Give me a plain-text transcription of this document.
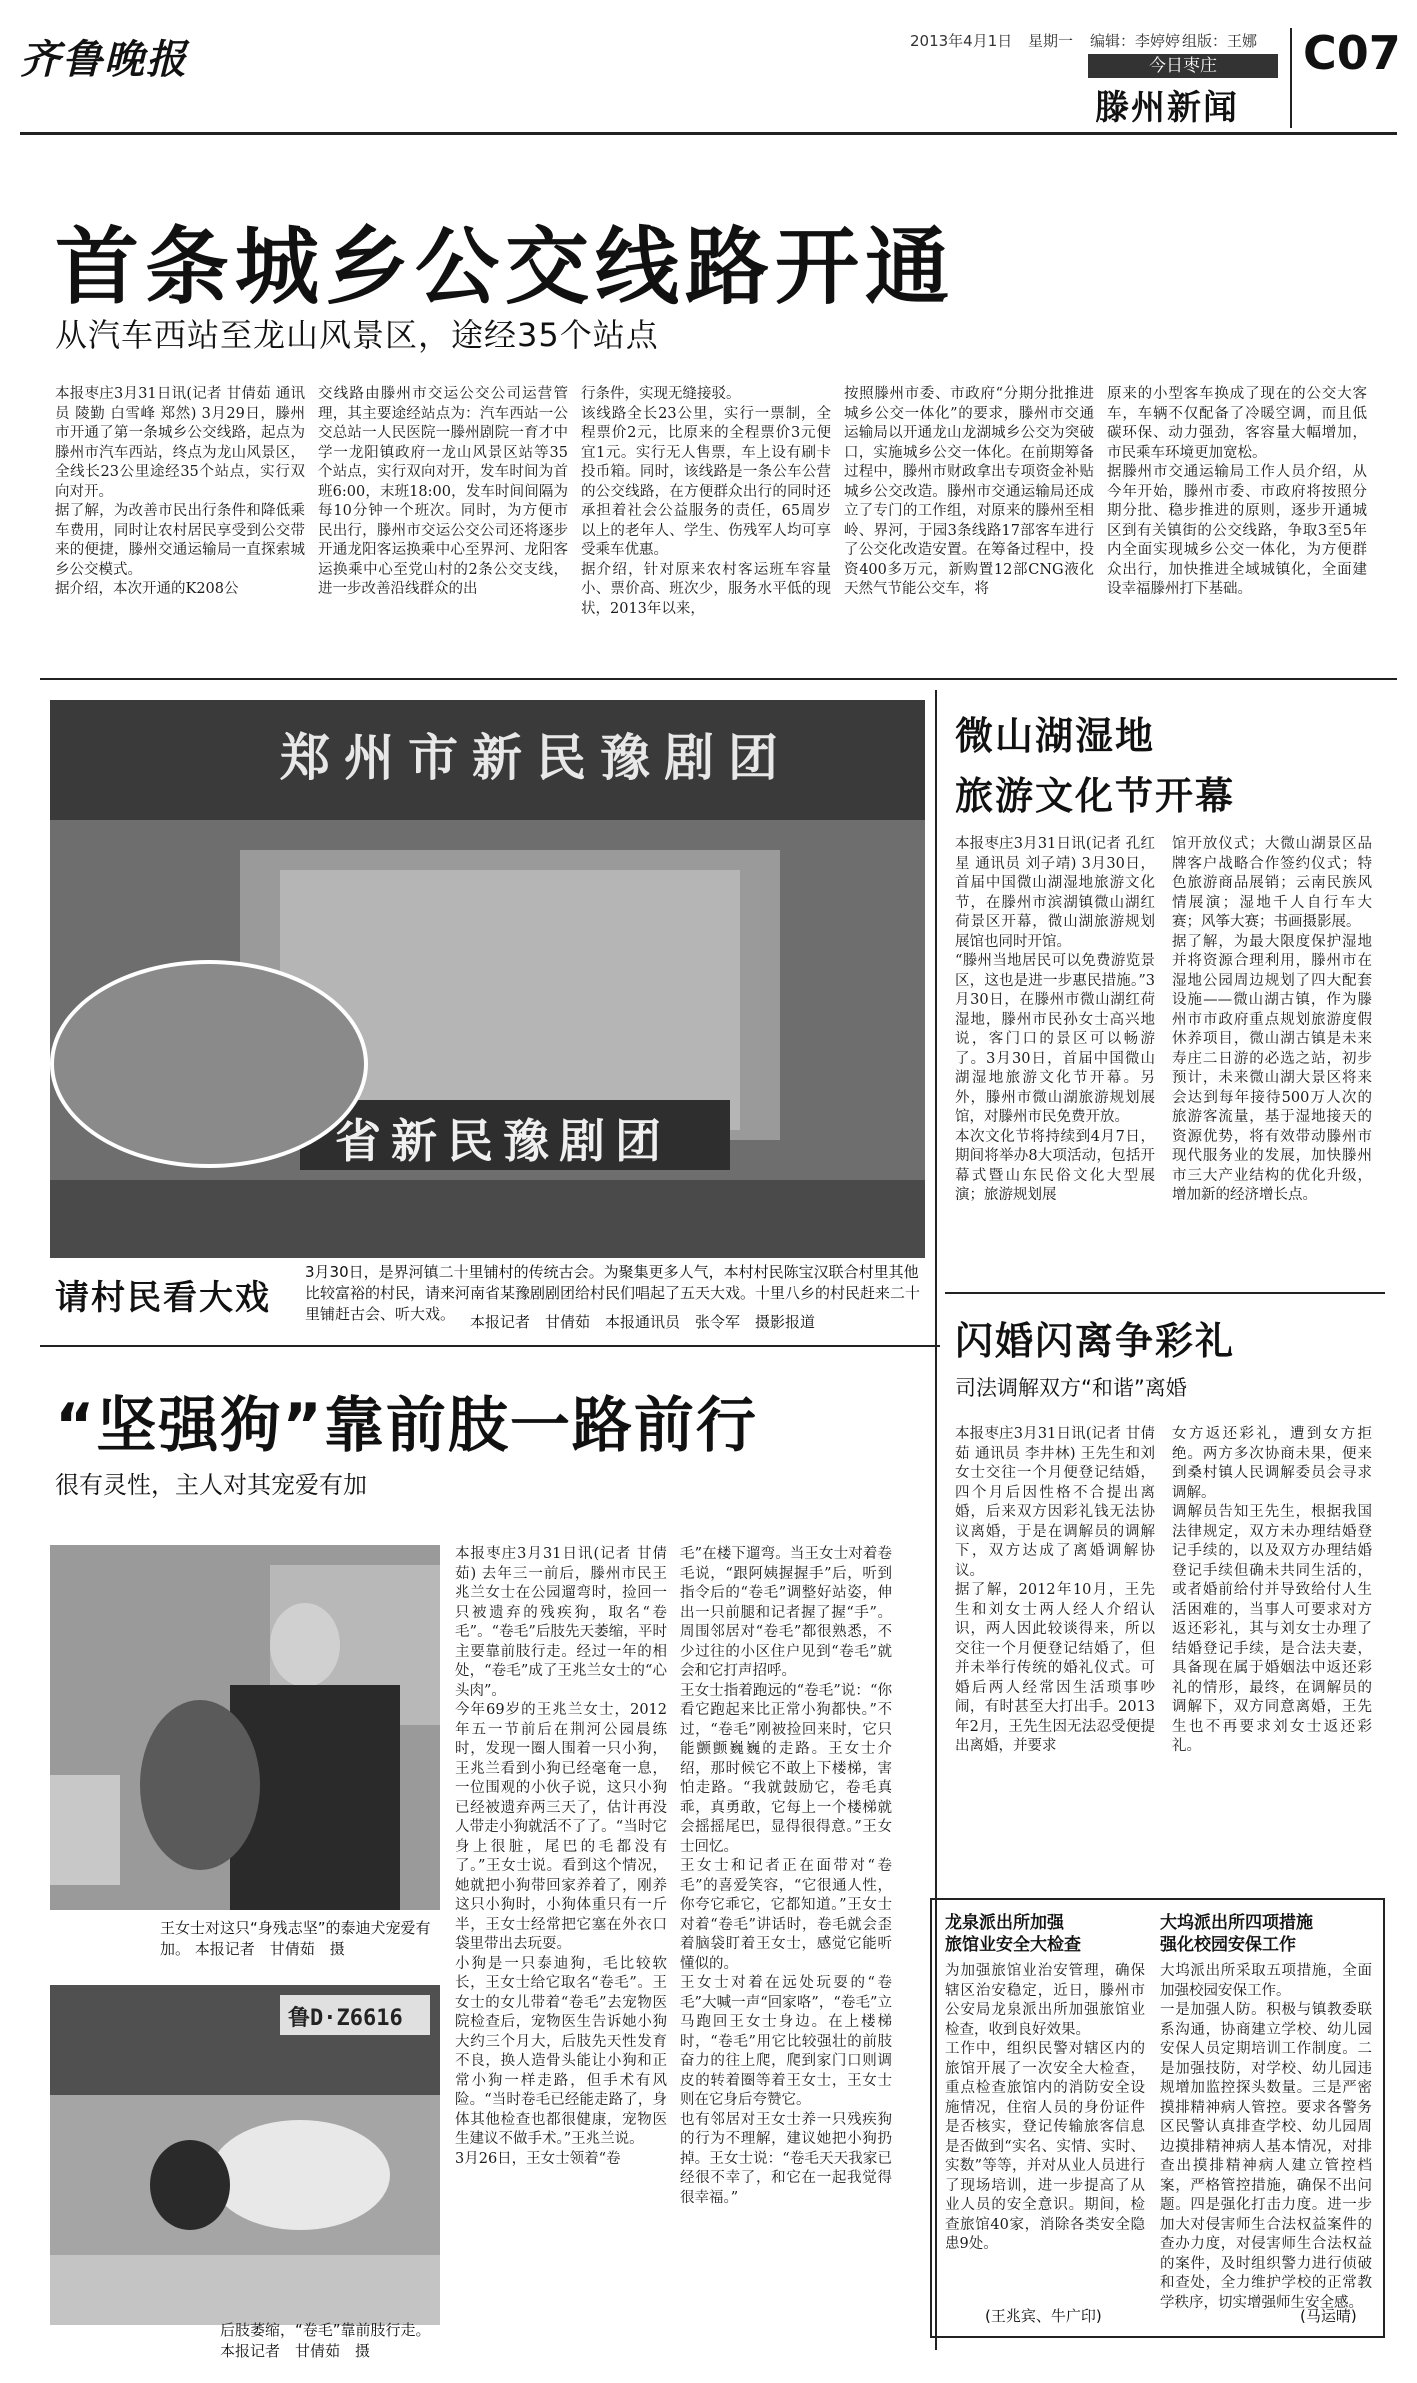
齐鲁晚报	2013年4月1日 星期一 编辑：李婷婷 组版：王娜
今日枣庄
滕州新闻
C07
首条城乡公交线路开通
从汽车西站至龙山风景区，途经35个站点
本报枣庄3月31日讯(记者 甘倩茹 通讯员 陵勤 白雪峰 郑然) 3月29日，滕州市开通了第一条城乡公交线路，起点为滕州市汽车西站，终点为龙山风景区，全线长23公里途经35个站点，实行双向对开。
据了解，为改善市民出行条件和降低乘车费用，同时让农村居民享受到公交带来的便捷，滕州交通运输局一直探索城乡公交模式。
据介绍，本次开通的K208公
交线路由滕州市交运公交公司运营管理，其主要途经站点为：汽车西站一公交总站一人民医院一滕州剧院一育才中学一龙阳镇政府一龙山风景区站等35个站点，实行双向对开，发车时间为首班6:00，末班18:00，发车时间间隔为每10分钟一个班次。同时，为方便市民出行，滕州市交运公交公司还将逐步开通龙阳客运换乘中心至界河、龙阳客运换乘中心至党山村的2条公交支线，进一步改善沿线群众的出
行条件，实现无缝接驳。
该线路全长23公里，实行一票制，全程票价2元，比原来的全程票价3元便宜1元。实行无人售票，车上设有刷卡投币箱。同时，该线路是一条公车公营的公交线路，在方便群众出行的同时还承担着社会公益服务的责任，65周岁以上的老年人、学生、伤残军人均可享受乘车优惠。
据介绍，针对原来农村客运班车容量小、票价高、班次少，服务水平低的现状，2013年以来，
按照滕州市委、市政府“分期分批推进城乡公交一体化”的要求，滕州市交通运输局以开通龙山龙湖城乡公交为突破口，实施城乡公交一体化。在前期筹备过程中，滕州市财政拿出专项资金补贴城乡公交改造。滕州市交通运输局还成立了专门的工作组，对原来的滕州至相岭、界河，于园3条线路17部客车进行了公交化改造安置。在筹备过程中，投资400多万元，新购置12部CNG液化天然气节能公交车，将
原来的小型客车换成了现在的公交大客车，车辆不仅配备了冷暖空调，而且低碳环保、动力强劲，客容量大幅增加，市民乘车环境更加宽松。
据滕州市交通运输局工作人员介绍，从今年开始，滕州市委、市政府将按照分期分批、稳步推进的原则，逐步开通城区到有关镇街的公交线路，争取3至5年内全面实现城乡公交一体化，为方便群众出行，加快推进全域城镇化，全面建设幸福滕州打下基础。
郑州市新民豫剧团
省新民豫剧团
请村民看大戏
3月30日，是界河镇二十里铺村的传统古会。为聚集更多人气，本村村民陈宝汉联合村里其他比较富裕的村民，请来河南省某豫剧剧团给村民们唱起了五天大戏。十里八乡的村民赶来二十里铺赶古会、听大戏。 本报记者　甘倩茹　本报通讯员　张令军　摄影报道
“坚强狗”靠前肢一路前行
很有灵性，主人对其宠爱有加
王女士对这只“身残志坚”的泰迪犬宠爱有加。 本报记者　甘倩茹　摄
鲁D·Z6616
后肢萎缩，“卷毛”靠前肢行走。 本报记者　甘倩茹　摄
本报枣庄3月31日讯(记者 甘倩茹) 去年三一前后，滕州市民王兆兰女士在公园遛弯时，捡回一只被遗弃的残疾狗，取名“卷毛”。“卷毛”后肢先天萎缩，平时主要靠前肢行走。经过一年的相处，“卷毛”成了王兆兰女士的“心头肉”。
今年69岁的王兆兰女士，2012年五一节前后在荆河公园晨练时，发现一圈人围着一只小狗，王兆兰看到小狗已经毫奄一息，一位围观的小伙子说，这只小狗已经被遗弃两三天了，估计再没人带走小狗就活不了了。“当时它身上很脏，尾巴的毛都没有了。”王女士说。看到这个情况，她就把小狗带回家养着了，刚养这只小狗时，小狗体重只有一斤半，王女士经常把它塞在外衣口袋里带出去玩耍。
小狗是一只泰迪狗，毛比较软长，王女士给它取名“卷毛”。王女士的女儿带着“卷毛”去宠物医院检查后，宠物医生告诉她小狗大约三个月大，后肢先天性发育不良，换人造骨头能让小狗和正常小狗一样走路，但手术有风险。“当时卷毛已经能走路了，身体其他检查也都很健康，宠物医生建议不做手术。”王兆兰说。
3月26日，王女士领着“卷
毛”在楼下遛弯。当王女士对着卷毛说，“跟阿姨握握手”后，听到指令后的“卷毛”调整好站姿，伸出一只前腿和记者握了握“手”。周围邻居对“卷毛”都很熟悉，不少过往的小区住户见到“卷毛”就会和它打声招呼。
王女士指着跑远的“卷毛”说：“你看它跑起来比正常小狗都快。”不过，“卷毛”刚被捡回来时，它只能颤颤巍巍的走路。王女士介绍，那时候它不敢上下楼梯，害怕走路。“我就鼓励它，卷毛真乖，真勇敢，它每上一个楼梯就会摇摇尾巴，显得很得意。”王女士回忆。
王女士和记者正在面带对“卷毛”的喜爱笑容，“它很通人性，你夸它乖它，它都知道。”王女士对着“卷毛”讲话时，卷毛就会歪着脑袋盯着王女士，感觉它能听懂似的。
王女士对着在远处玩耍的“卷毛”大喊一声“回家咯”，“卷毛”立马跑回王女士身边。在上楼梯时，“卷毛”用它比较强壮的前肢奋力的往上爬，爬到家门口则调皮的转着圈等着王女士，王女士则在它身后夸赞它。
也有邻居对王女士养一只残疾狗的行为不理解，建议她把小狗扔掉。王女士说：“卷毛天天我家已经很不幸了，和它在一起我觉得很幸福。”
微山湖湿地
旅游文化节开幕
本报枣庄3月31日讯(记者 孔红星 通讯员 刘子靖) 3月30日，首届中国微山湖湿地旅游文化节，在滕州市滨湖镇微山湖红荷景区开幕，微山湖旅游规划展馆也同时开馆。
“滕州当地居民可以免费游览景区，这也是进一步惠民措施。”3月30日，在滕州市微山湖红荷湿地，滕州市民孙女士高兴地说，客门口的景区可以畅游了。3月30日，首届中国微山湖湿地旅游文化节开幕。另外，滕州市微山湖旅游规划展馆，对滕州市民免费开放。
本次文化节将持续到4月7日，期间将举办8大项活动，包括开幕式暨山东民俗文化大型展演；旅游规划展
馆开放仪式；大微山湖景区品牌客户战略合作签约仪式；特色旅游商品展销；云南民族风情展演；湿地千人自行车大赛；风筝大赛；书画摄影展。
据了解，为最大限度保护湿地并将资源合理利用，滕州市在湿地公园周边规划了四大配套设施——微山湖古镇，作为滕州市市政府重点规划旅游度假休养项目，微山湖古镇是未来寿庄二日游的必选之站，初步预计，未来微山湖大景区将来会达到每年接待500万人次的旅游客流量，基于湿地接天的资源优势，将有效带动滕州市现代服务业的发展，加快滕州市三大产业结构的优化升级，增加新的经济增长点。
闪婚闪离争彩礼
司法调解双方“和谐”离婚
本报枣庄3月31日讯(记者 甘倩茹 通讯员 李井林) 王先生和刘女士交往一个月便登记结婚，四个月后因性格不合提出离婚，后来双方因彩礼钱无法协议离婚，于是在调解员的调解下，双方达成了离婚调解协议。
据了解，2012年10月，王先生和刘女士两人经人介绍认识，两人因此较谈得来，所以交往一个月便登记结婚了，但并未举行传统的婚礼仪式。可婚后两人经常因生活琐事吵闹，有时甚至大打出手。2013年2月，王先生因无法忍受便提出离婚，并要求
女方返还彩礼，遭到女方拒绝。两方多次协商未果，便来到桑村镇人民调解委员会寻求调解。
调解员告知王先生，根据我国法律规定，双方未办理结婚登记手续的，以及双方办理结婚登记手续但确未共同生活的，或者婚前给付并导致给付人生活困难的，当事人可要求对方返还彩礼，其与刘女士办理了结婚登记手续，是合法夫妻，具备现在属于婚姻法中返还彩礼的情形，最终，在调解员的调解下，双方同意离婚，王先生也不再要求刘女士返还彩礼。
龙泉派出所加强
旅馆业安全大检查
为加强旅馆业治安管理，确保辖区治安稳定，近日，滕州市公安局龙泉派出所加强旅馆业检查，收到良好效果。
工作中，组织民警对辖区内的旅馆开展了一次安全大检查，重点检查旅馆内的消防安全设施情况，住宿人员的身份证件是否核实，登记传输旅客信息是否做到“实名、实情、实时、实数”等等，并对从业人员进行了现场培训，进一步提高了从业人员的安全意识。期间，检查旅馆40家，消除各类安全隐患9处。
(王兆宾、牛广印)
大坞派出所四项措施
强化校园安保工作
大坞派出所采取五项措施，全面加强校园安保工作。
一是加强人防。积极与镇教委联系沟通，协商建立学校、幼儿园安保人员定期培训工作制度。二是加强技防，对学校、幼儿园违规增加监控探头数量。三是严密摸排精神病人管控。要求各警务区民警认真排查学校、幼儿园周边摸排精神病人基本情况，对排查出摸排精神病人建立管控档案，严格管控措施，确保不出问题。四是强化打击力度。进一步加大对侵害师生合法权益案件的查办力度，对侵害师生合法权益的案件，及时组织警力进行侦破和查处，全力维护学校的正常教学秩序，切实增强师生安全感。
(马运晴)
